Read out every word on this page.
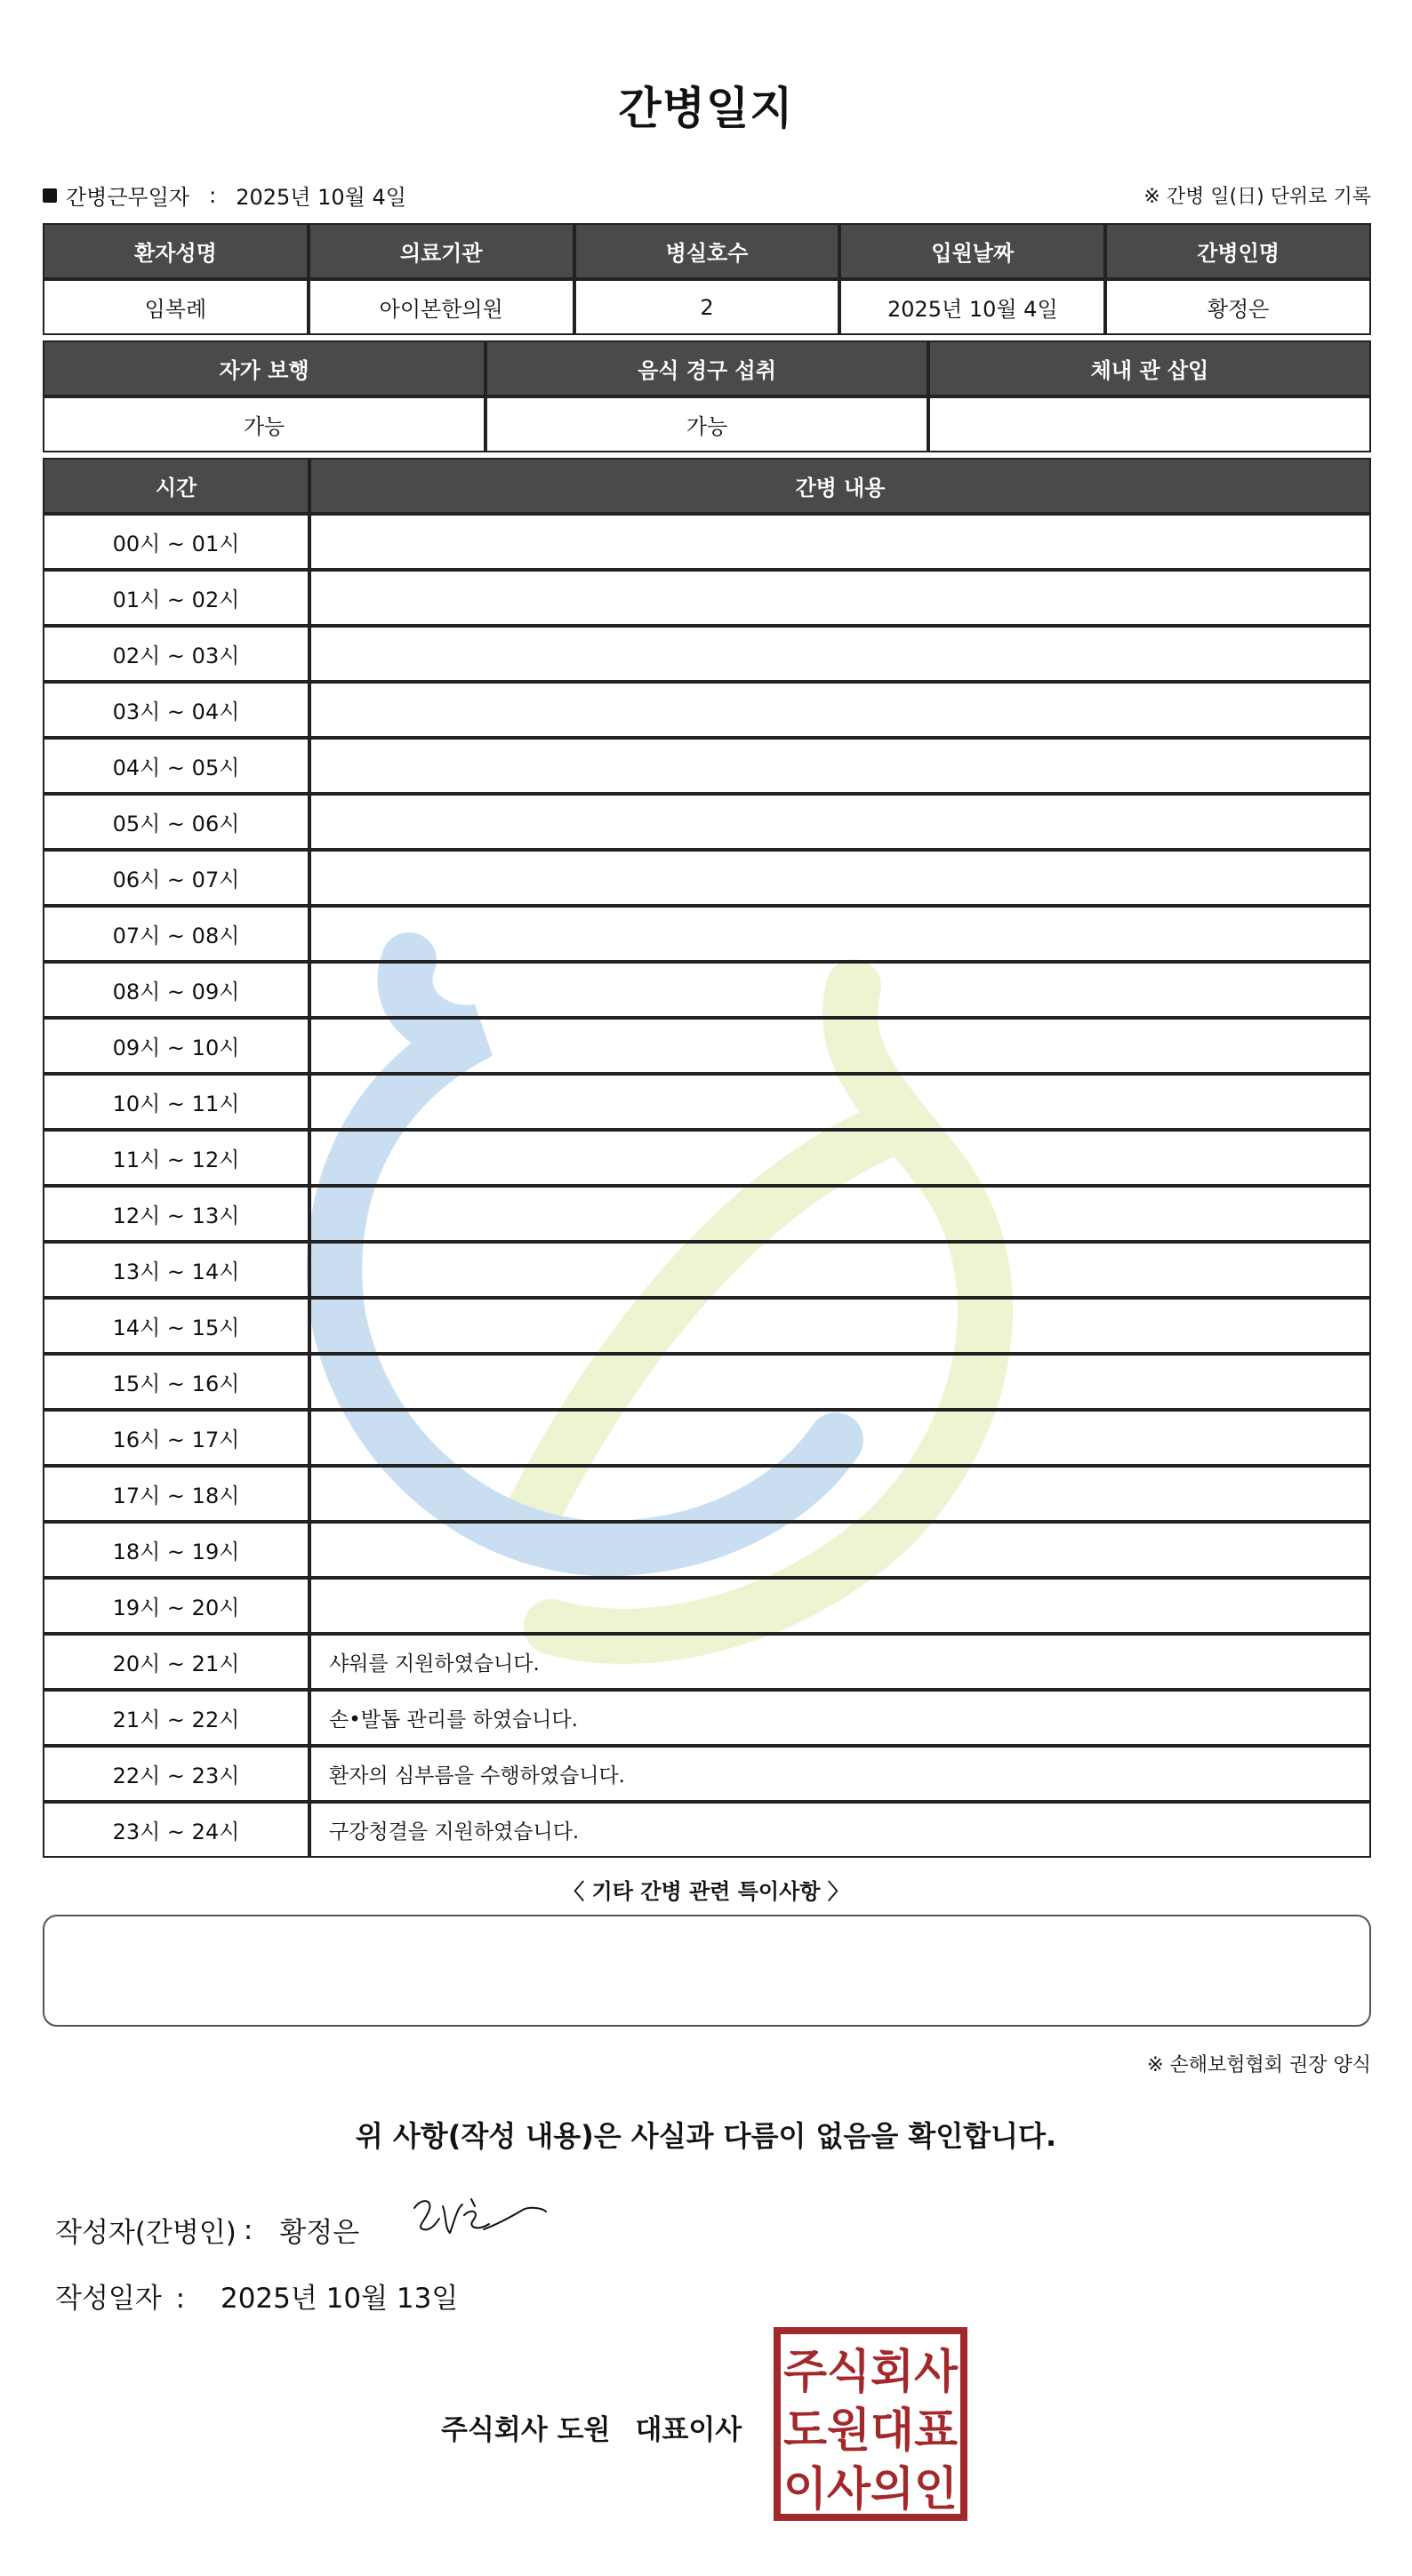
간병일지
간병근무일자 : 2025년 10월 4일	※ 간병 일(日) 단위로 기록
환자성명	의료기관	병실호수	입원날짜	간병인명
임복례	아이본한의원	2	2025년 10월 4일	황정은
자가 보행	음식 경구 섭취	체내 관 삽입
가능	가능	
시간	간병 내용
00시 ~ 01시	
01시 ~ 02시	
02시 ~ 03시	
03시 ~ 04시	
04시 ~ 05시	
05시 ~ 06시	
06시 ~ 07시	
07시 ~ 08시	
08시 ~ 09시	
09시 ~ 10시	
10시 ~ 11시	
11시 ~ 12시	
12시 ~ 13시	
13시 ~ 14시	
14시 ~ 15시	
15시 ~ 16시	
16시 ~ 17시	
17시 ~ 18시	
18시 ~ 19시	
19시 ~ 20시	
20시 ~ 21시	샤워를 지원하였습니다.
21시 ~ 22시	손•발톱 관리를 하였습니다.
22시 ~ 23시	환자의 심부름을 수행하였습니다.
23시 ~ 24시	구강청결을 지원하였습니다.
〈 기타 간병 관련 특이사항 〉
※ 손해보험협회 권장 양식
위 사항(작성 내용)은 사실과 다름이 없음을 확인합니다.
작성자(간병인) : 황정은
작성일자 : 2025년 10월 13일
주식회사 도원 대표이사
주식회사
도원대표
이사의인
